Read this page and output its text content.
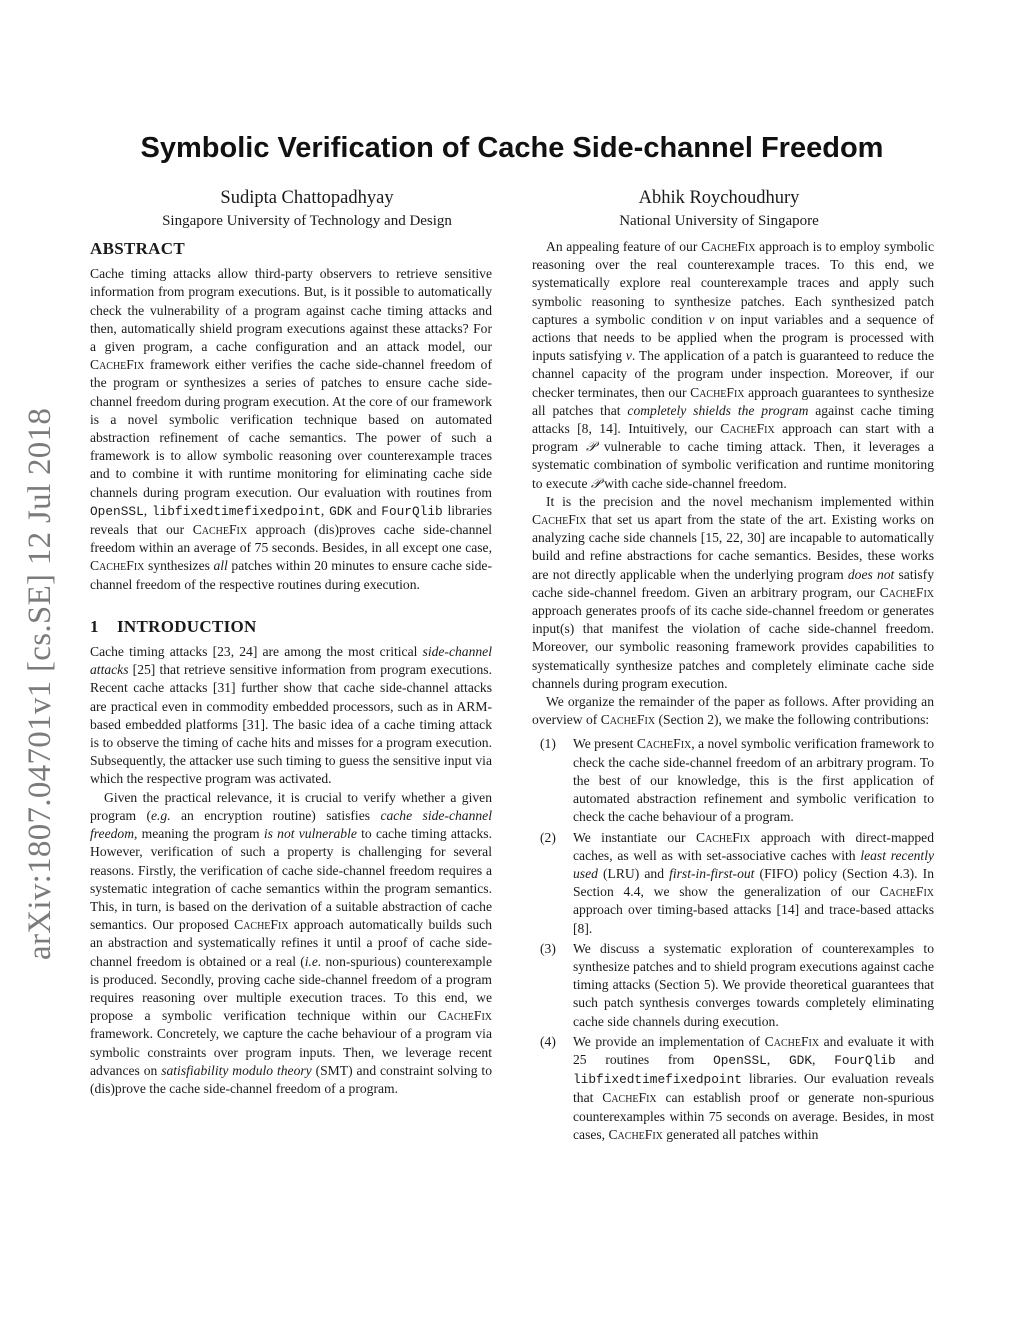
arXiv:1807.04701v1 [cs.SE] 12 Jul 2018
Symbolic Verification of Cache Side-channel Freedom
Sudipta Chattopadhyay
Singapore University of Technology and Design
Abhik Roychoudhury
National University of Singapore
ABSTRACT

Cache timing attacks allow third-party observers to retrieve sensitive information from program executions. But, is it possible to automatically check the vulnerability of a program against cache timing attacks and then, automatically shield program executions against these attacks? For a given program, a cache configuration and an attack model, our CacheFix framework either verifies the cache side-channel freedom of the program or synthesizes a series of patches to ensure cache side-channel freedom during program execution. At the core of our framework is a novel symbolic verification technique based on automated abstraction refinement of cache semantics. The power of such a framework is to allow symbolic reasoning over counterexample traces and to combine it with runtime monitoring for eliminating cache side channels during program execution. Our evaluation with routines from OpenSSL, libfixedtimefixedpoint, GDK and FourQlib libraries reveals that our CacheFix approach (dis)proves cache side-channel freedom within an average of 75 seconds. Besides, in all except one case, CacheFix synthesizes all patches within 20 minutes to ensure cache side-channel freedom of the respective routines during execution.

1 INTRODUCTION

Cache timing attacks [23, 24] are among the most critical side-channel attacks [25] that retrieve sensitive information from program executions. Recent cache attacks [31] further show that cache side-channel attacks are practical even in commodity embedded processors, such as in ARM-based embedded platforms [31]. The basic idea of a cache timing attack is to observe the timing of cache hits and misses for a program execution. Subsequently, the attacker use such timing to guess the sensitive input via which the respective program was activated.

Given the practical relevance, it is crucial to verify whether a given program (e.g. an encryption routine) satisfies cache side-channel freedom, meaning the program is not vulnerable to cache timing attacks. However, verification of such a property is challenging for several reasons. Firstly, the verification of cache side-channel freedom requires a systematic integration of cache semantics within the program semantics. This, in turn, is based on the derivation of a suitable abstraction of cache semantics. Our proposed CacheFix approach automatically builds such an abstraction and systematically refines it until a proof of cache side-channel freedom is obtained or a real (i.e. non-spurious) counterexample is produced. Secondly, proving cache side-channel freedom of a program requires reasoning over multiple execution traces. To this end, we propose a symbolic verification technique within our CacheFix framework. Concretely, we capture the cache behaviour of a program via symbolic constraints over program inputs. Then, we leverage recent advances on satisfiability modulo theory (SMT) and constraint solving to (dis)prove the cache side-channel freedom of a program.

An appealing feature of our CacheFix approach is to employ symbolic reasoning over the real counterexample traces. To this end, we systematically explore real counterexample traces and apply such symbolic reasoning to synthesize patches. Each synthesized patch captures a symbolic condition v on input variables and a sequence of actions that needs to be applied when the program is processed with inputs satisfying v. The application of a patch is guaranteed to reduce the channel capacity of the program under inspection. Moreover, if our checker terminates, then our CacheFix approach guarantees to synthesize all patches that completely shields the program against cache timing attacks [8, 14]. Intuitively, our CacheFix approach can start with a program 𝒫 vulnerable to cache timing attack. Then, it leverages a systematic combination of symbolic verification and runtime monitoring to execute 𝒫 with cache side-channel freedom.

It is the precision and the novel mechanism implemented within CacheFix that set us apart from the state of the art. Existing works on analyzing cache side channels [15, 22, 30] are incapable to automatically build and refine abstractions for cache semantics. Besides, these works are not directly applicable when the underlying program does not satisfy cache side-channel freedom. Given an arbitrary program, our CacheFix approach generates proofs of its cache side-channel freedom or generates input(s) that manifest the violation of cache side-channel freedom. Moreover, our symbolic reasoning framework provides capabilities to systematically synthesize patches and completely eliminate cache side channels during program execution.

We organize the remainder of the paper as follows. After providing an overview of CacheFix (Section 2), we make the following contributions:

(1)	We present CacheFix, a novel symbolic verification framework to check the cache side-channel freedom of an arbitrary program. To the best of our knowledge, this is the first application of automated abstraction refinement and symbolic verification to check the cache behaviour of a program.
(2)	We instantiate our CacheFix approach with direct-mapped caches, as well as with set-associative caches with least recently used (LRU) and first-in-first-out (FIFO) policy (Section 4.3). In Section 4.4, we show the generalization of our CacheFix approach over timing-based attacks [14] and trace-based attacks [8].
(3)	We discuss a systematic exploration of counterexamples to synthesize patches and to shield program executions against cache timing attacks (Section 5). We provide theoretical guarantees that such patch synthesis converges towards completely eliminating cache side channels during execution.
(4)	We provide an implementation of CacheFix and evaluate it with 25 routines from OpenSSL, GDK, FourQlib and libfixedtimefixedpoint libraries. Our evaluation reveals that CacheFix can establish proof or generate non-spurious counterexamples within 75 seconds on average. Besides, in most cases, CacheFix generated all patches within
